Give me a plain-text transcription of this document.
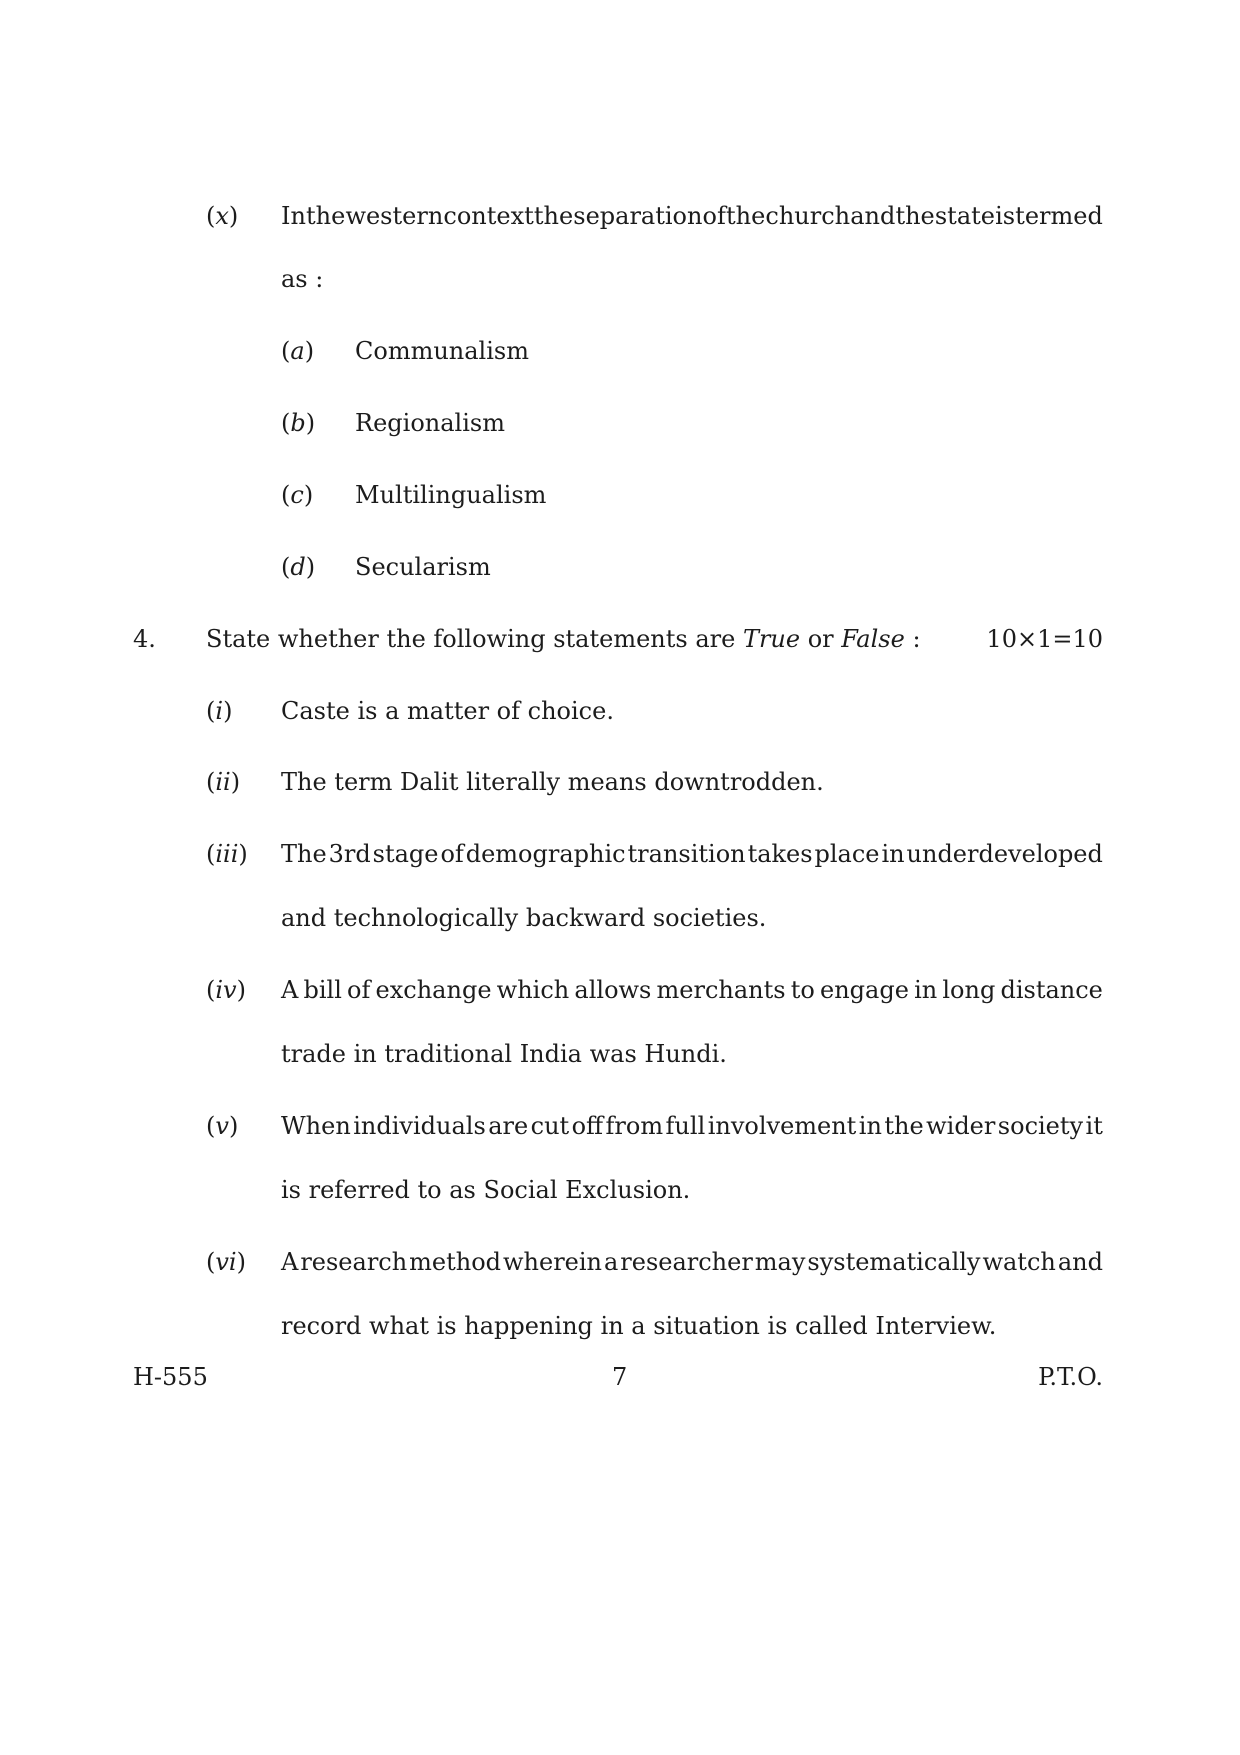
(x) In the western context the separation of the church and the state is termed
as :
(a) Communalism
(b) Regionalism
(c) Multilingualism
(d) Secularism
4. State whether the following statements are True or False :	10×1=10
(i) Caste is a matter of choice.
(ii) The term Dalit literally means downtrodden.
(iii) The 3rd stage of demographic transition takes place in underdeveloped
and technologically backward societies.
(iv) A bill of exchange which allows merchants to engage in long distance
trade in traditional India was Hundi.
(v) When individuals are cut off from full involvement in the wider society it
is referred to as Social Exclusion.
(vi) A research method wherein a researcher may systematically watch and
record what is happening in a situation is called Interview.
H-555	7	P.T.O.
